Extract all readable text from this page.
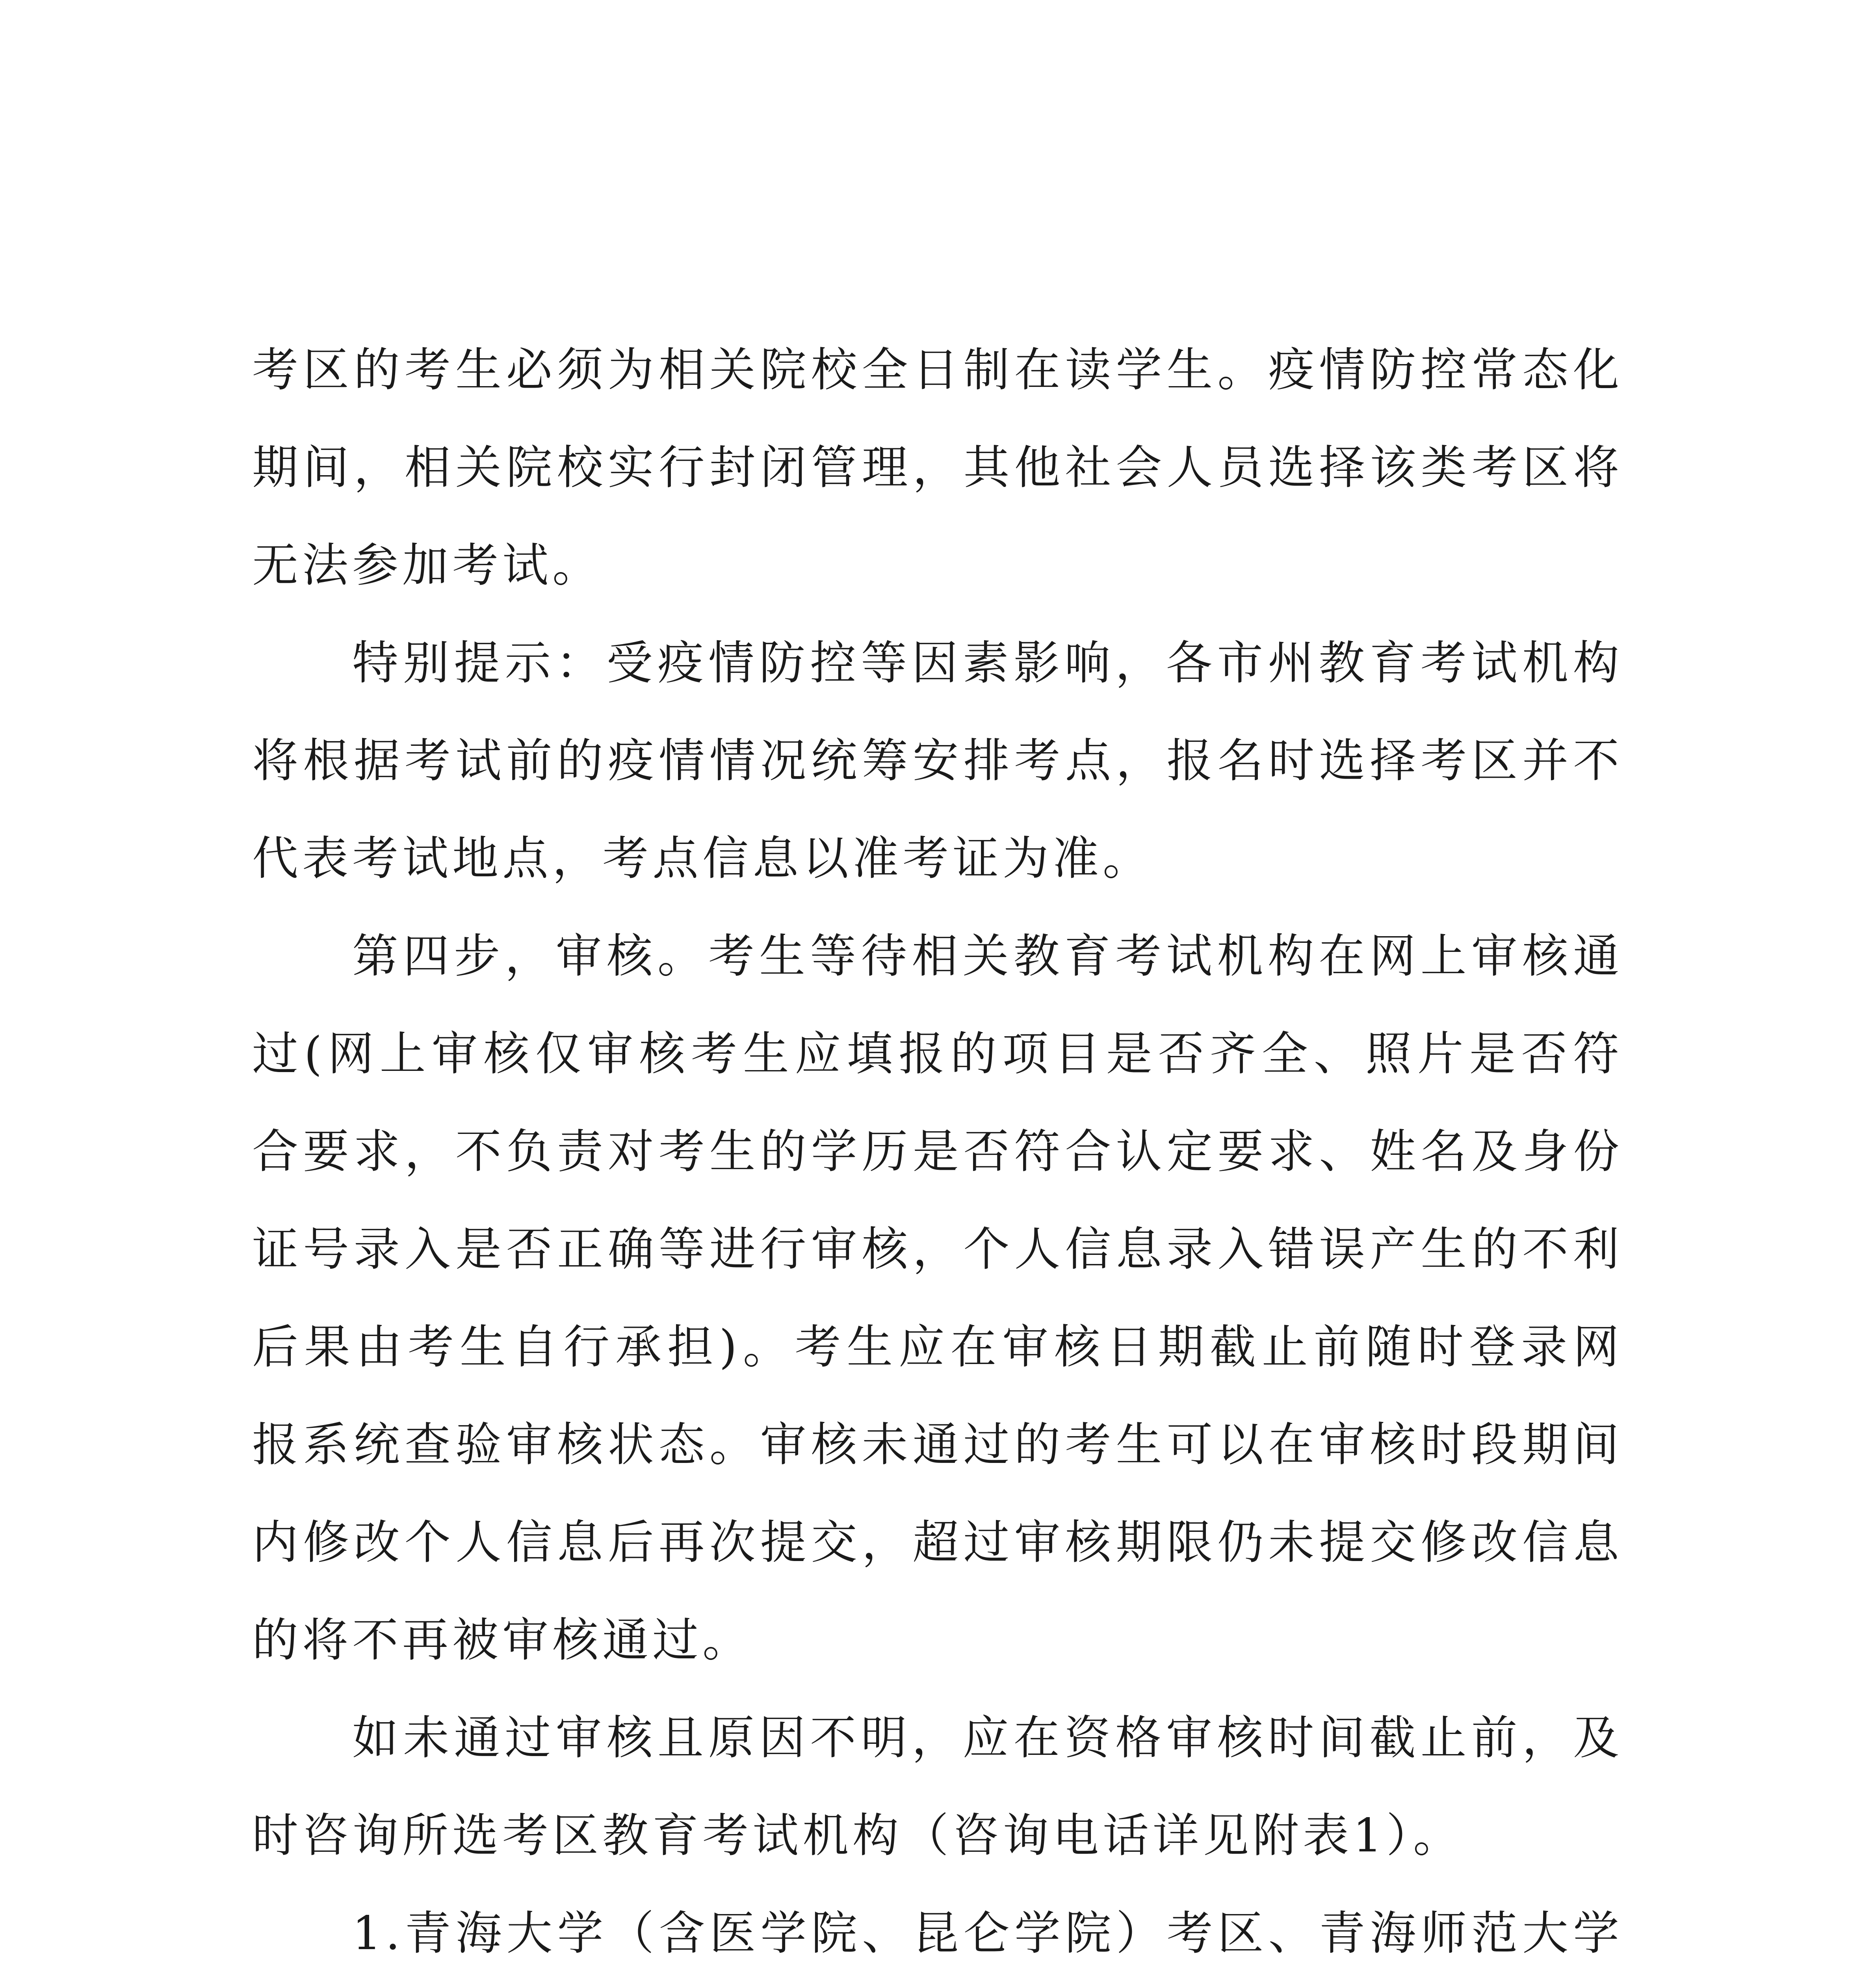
考区的考生必须为相关院校全日制在读学生。疫情防控常态化期间，相关院校实行封闭管理，其他社会人员选择该类考区将无法参加考试。

特别提示：受疫情防控等因素影响，各市州教育考试机构将根据考试前的疫情情况统筹安排考点，报名时选择考区并不代表考试地点，考点信息以准考证为准。

第四步，审核。考生等待相关教育考试机构在网上审核通过(网上审核仅审核考生应填报的项目是否齐全、照片是否符合要求，不负责对考生的学历是否符合认定要求、姓名及身份证号录入是否正确等进行审核，个人信息录入错误产生的不利后果由考生自行承担)。考生应在审核日期截止前随时登录网报系统查验审核状态。审核未通过的考生可以在审核时段期间内修改个人信息后再次提交，超过审核期限仍未提交修改信息的将不再被审核通过。

如未通过审核且原因不明，应在资格审核时间截止前，及时咨询所选考区教育考试机构（咨询电话详见附表1）。

1.青海大学（含医学院、昆仑学院）考区、青海师范大学
